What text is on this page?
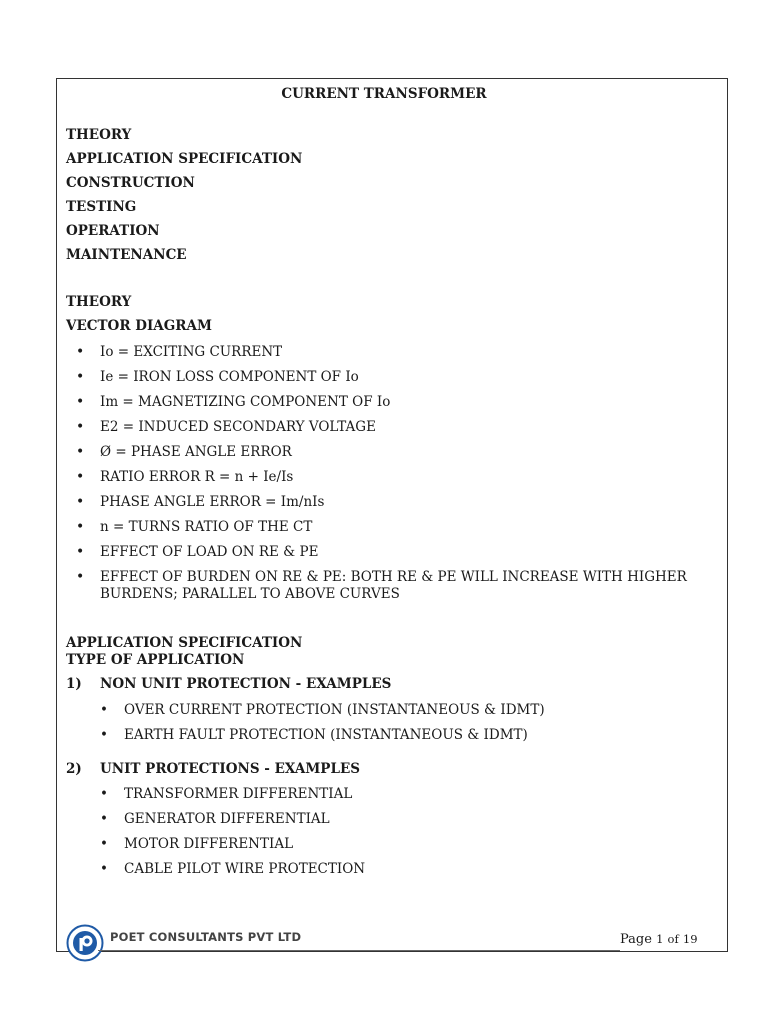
CURRENT TRANSFORMER
THEORY
APPLICATION SPECIFICATION
CONSTRUCTION
TESTING
OPERATION
MAINTENANCE
THEORY
VECTOR DIAGRAM
• Io = EXCITING CURRENT
• Ie = IRON LOSS COMPONENT OF Io
• Im = MAGNETIZING COMPONENT OF Io
• E2 = INDUCED SECONDARY VOLTAGE
• Ø = PHASE ANGLE ERROR
• RATIO ERROR R = n + Ie/Is
• PHASE ANGLE ERROR = Im/nIs
• n = TURNS RATIO OF THE CT
• EFFECT OF LOAD ON RE & PE
• EFFECT OF BURDEN ON RE & PE: BOTH RE & PE WILL INCREASE WITH HIGHER BURDENS; PARALLEL TO ABOVE CURVES
APPLICATION SPECIFICATION
TYPE OF APPLICATION
1) NON UNIT PROTECTION - EXAMPLES
• OVER CURRENT PROTECTION (INSTANTANEOUS & IDMT)
• EARTH FAULT PROTECTION (INSTANTANEOUS & IDMT)
2) UNIT PROTECTIONS - EXAMPLES
• TRANSFORMER DIFFERENTIAL
• GENERATOR DIFFERENTIAL
• MOTOR DIFFERENTIAL
• CABLE PILOT WIRE PROTECTION
POET CONSULTANTS PVT LTD	Page 1 of 19
